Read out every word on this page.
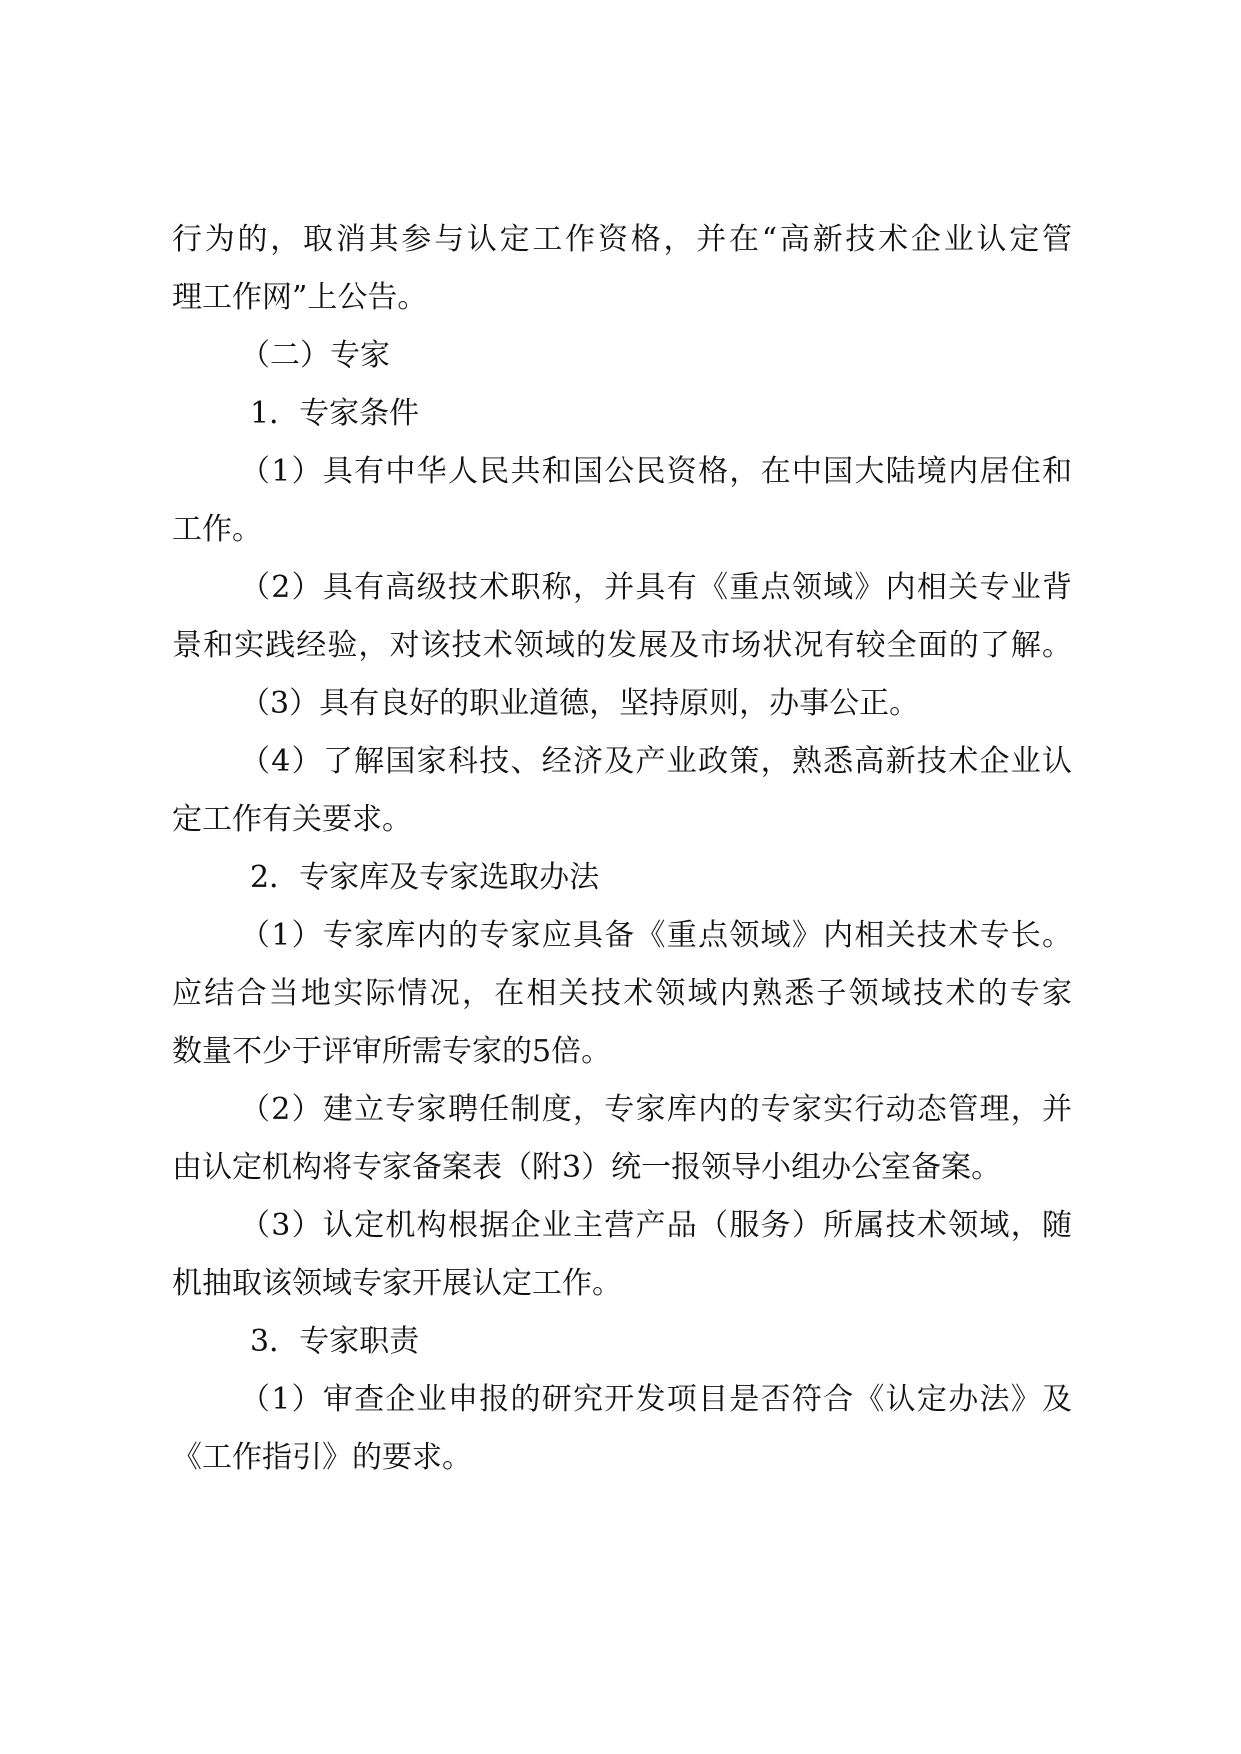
行为的，取消其参与认定工作资格，并在“高新技术企业认定管
理工作网”上公告。
（二）专家
1．专家条件
（1）具有中华人民共和国公民资格，在中国大陆境内居住和
工作。
（2）具有高级技术职称，并具有《重点领域》内相关专业背
景和实践经验，对该技术领域的发展及市场状况有较全面的了解。
（3）具有良好的职业道德，坚持原则，办事公正。
（4）了解国家科技、经济及产业政策，熟悉高新技术企业认
定工作有关要求。
2．专家库及专家选取办法
（1）专家库内的专家应具备《重点领域》内相关技术专长。
应结合当地实际情况，在相关技术领域内熟悉子领域技术的专家
数量不少于评审所需专家的5倍。
（2）建立专家聘任制度，专家库内的专家实行动态管理，并
由认定机构将专家备案表（附3）统一报领导小组办公室备案。
（3）认定机构根据企业主营产品（服务）所属技术领域，随
机抽取该领域专家开展认定工作。
3．专家职责
（1）审查企业申报的研究开发项目是否符合《认定办法》及
《工作指引》的要求。
